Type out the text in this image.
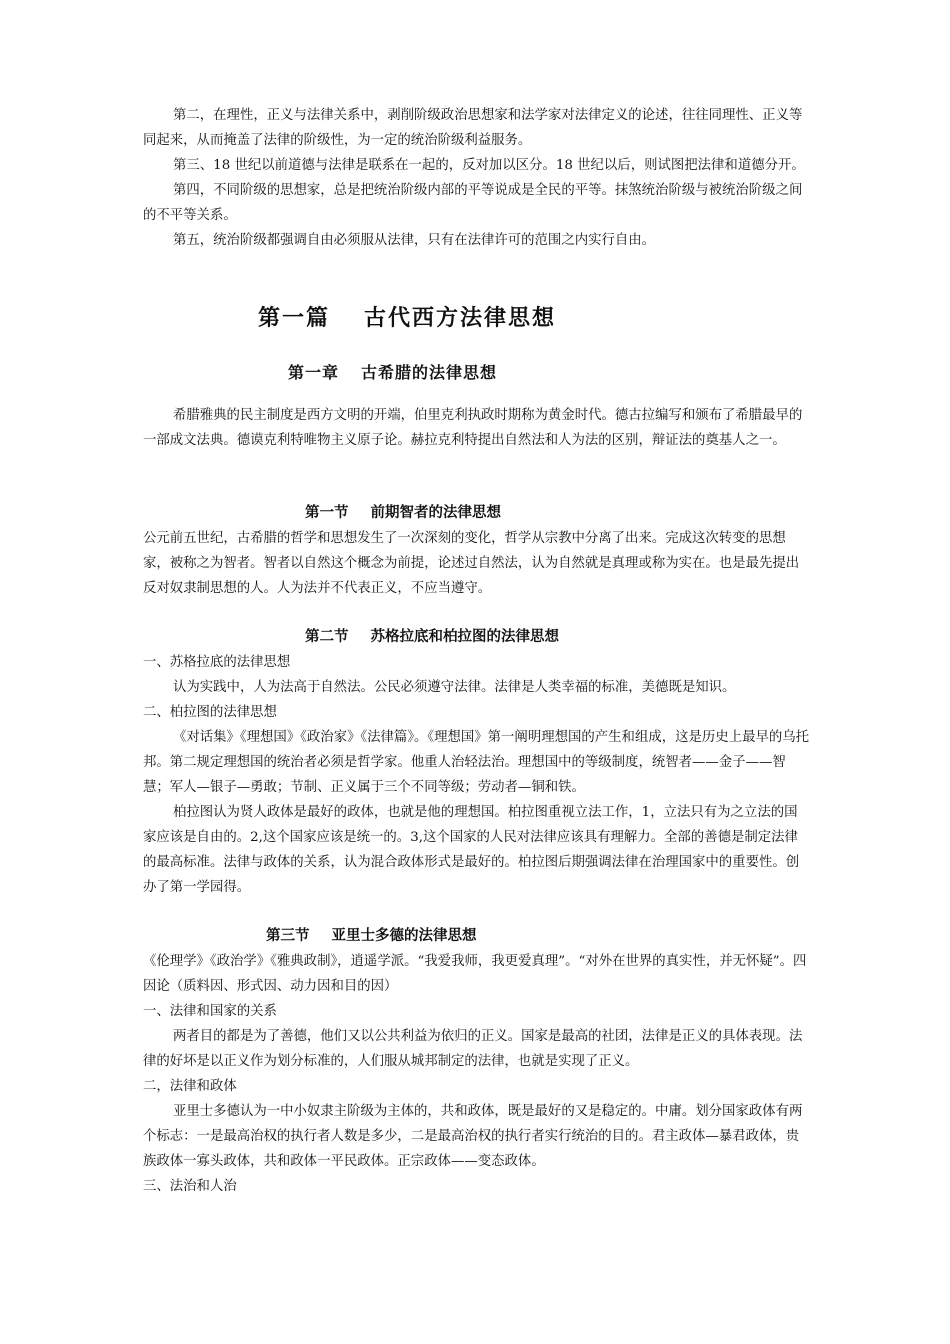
第二，在理性，正义与法律关系中，剥削阶级政治思想家和法学家对法律定义的论述，往往同理性、正义等同起来，从而掩盖了法律的阶级性，为一定的统治阶级利益服务。

第三、18 世纪以前道德与法律是联系在一起的，反对加以区分。18 世纪以后，则试图把法律和道德分开。

第四，不同阶级的思想家，总是把统治阶级内部的平等说成是全民的平等。抹煞统治阶级与被统治阶级之间的不平等关系。

第五，统治阶级都强调自由必须服从法律，只有在法律许可的范围之内实行自由。

第一篇 古代西方法律思想
第一章 古希腊的法律思想

希腊雅典的民主制度是西方文明的开端，伯里克利执政时期称为黄金时代。德古拉编写和颁布了希腊最早的一部成文法典。德谟克利特唯物主义原子论。赫拉克利特提出自然法和人为法的区别，辩证法的奠基人之一。

第一节 前期智者的法律思想

公元前五世纪，古希腊的哲学和思想发生了一次深刻的变化，哲学从宗教中分离了出来。完成这次转变的思想家，被称之为智者。智者以自然这个概念为前提，论述过自然法，认为自然就是真理或称为实在。也是最先提出反对奴隶制思想的人。人为法并不代表正义，不应当遵守。

第二节 苏格拉底和柏拉图的法律思想

一、苏格拉底的法律思想

认为实践中，人为法高于自然法。公民必须遵守法律。法律是人类幸福的标准，美德既是知识。

二、柏拉图的法律思想

《对话集》《理想国》《政治家》《法律篇》。《理想国》第一阐明理想国的产生和组成，这是历史上最早的乌托邦。第二规定理想国的统治者必须是哲学家。他重人治轻法治。理想国中的等级制度，统智者——金子——智慧；军人—银子—勇敢；节制、正义属于三个不同等级；劳动者—铜和铁。

柏拉图认为贤人政体是最好的政体，也就是他的理想国。柏拉图重视立法工作，1，立法只有为之立法的国家应该是自由的。2,这个国家应该是统一的。3,这个国家的人民对法律应该具有理解力。全部的善德是制定法律的最高标准。法律与政体的关系，认为混合政体形式是最好的。柏拉图后期强调法律在治理国家中的重要性。创办了第一学园得。

第三节 亚里士多德的法律思想

《伦理学》《政治学》《雅典政制》，逍遥学派。“我爱我师，我更爱真理”。“对外在世界的真实性，并无怀疑”。四因论（质料因、形式因、动力因和目的因）

一、法律和国家的关系

两者目的都是为了善德，他们又以公共利益为依归的正义。国家是最高的社团，法律是正义的具体表现。法律的好坏是以正义作为划分标准的，人们服从城邦制定的法律，也就是实现了正义。

二，法律和政体

亚里士多德认为一中小奴隶主阶级为主体的，共和政体，既是最好的又是稳定的。中庸。划分国家政体有两个标志：一是最高治权的执行者人数是多少，二是最高治权的执行者实行统治的目的。君主政体—暴君政体，贵族政体一寡头政体，共和政体一平民政体。正宗政体——变态政体。

三、法治和人治
